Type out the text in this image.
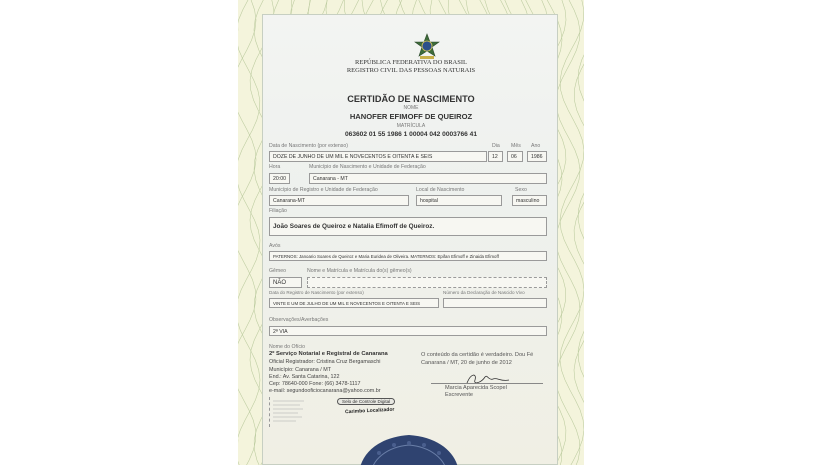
REPÚBLICA FEDERATIVA DO BRASIL
REGISTRO CIVIL DAS PESSOAS NATURAIS
CERTIDÃO DE NASCIMENTO
NOME
HANOFER EFIMOFF DE QUEIROZ
MATRÍCULA
063602 01 55 1986 1 00004 042 0003766 41
Data de Nascimento (por extenso)
DOZE DE JUNHO DE UM MIL E NOVECENTOS E OITENTA E SEIS
Dia
12
Mês
06
Ano
1986
Hora
20:00
Município de Nascimento e Unidade de Federação
Canarana - MT
Município de Registro e Unidade de Federação
Canarana-MT
Local de Nascimento
hospital
Sexo
masculino
Filiação
João Soares de Queiroz e Natalia Efimoff de Queiroz.
Avós
PATERNOS: Janoario Soares de Queiroz e Maria Euridea de Oliveira. MATERNOS: Epifan Efimoff e Zinaida Efimoff
Gêmeo
NÃO
Nome e Matrícula e Matrícula do(s) gêmeo(s)
Data do Registro de Nascimento (por extenso)
VINTE E UM DE JULHO DE UM MIL E NOVECENTOS E OITENTA E SEIS
Número da Declaração de Nascido Vivo
Observações/Averbações
2ª VIA
Nome do Ofício
2º Serviço Notarial e Registral de Canarana
Oficial Registrador: Cristina Cruz Bergamaschi
Município: Canarana / MT
End.: Av. Santa Catarina, 122
Cep: 78640-000 Fone: (66) 3478-1117
e-mail: segundooficiocanarana@yahoo.com.br
O conteúdo da certidão é verdadeiro. Dou Fé
Canarana / MT, 20 de junho de 2012
Marcia Aparecida Scopel
Escrevente
Selo de Controle Digital
Carimbo Localizador
